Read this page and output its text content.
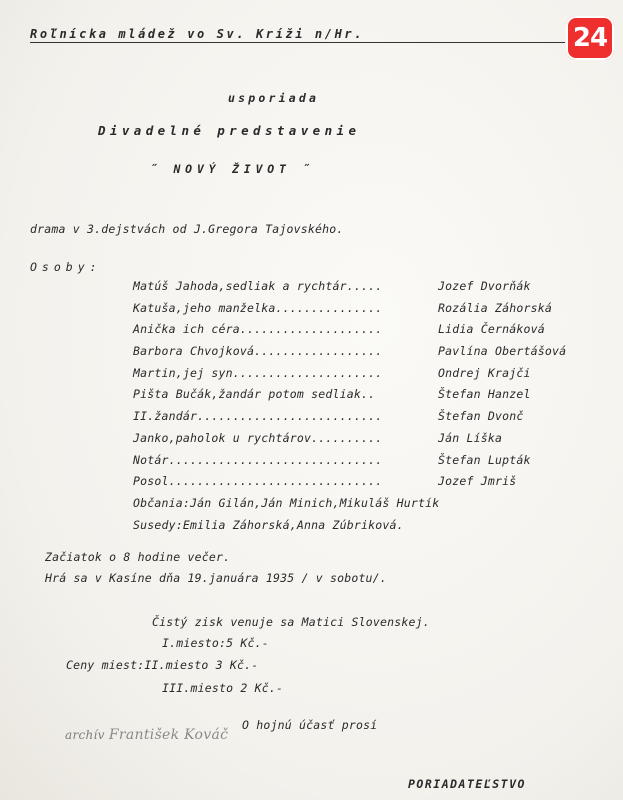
Roľnícka mládež vo Sv. Kríži n/Hr.	24
usporiada
Divadelné predstavenie
˝ NOVÝ ŽIVOT ˝
drama v 3.dejstvách od J.Gregora Tajovského.
Osoby:
Matúš Jahoda,sedliak a rychtár.....	Jozef Dvorňák
Katuša,jeho manželka...............	Rozália Záhorská
Anička ich céra....................	Lidia Černáková
Barbora Chvojková..................	Pavlína Obertášová
Martin,jej syn.....................	Ondrej Krajči
Pišta Bučák,žandár potom sedliak..	Štefan Hanzel
II.žandár..........................	Štefan Dvonč
Janko,paholok u rychtárov..........	Ján Líška
Notár..............................	Štefan Lupták
Posol..............................	Jozef Jmriš
Občania:Ján Gilán,Ján Minich,Mikuláš Hurtík
Susedy:Emilia Záhorská,Anna Zúbriková.
Začiatok o 8 hodine večer.
Hrá sa v Kasíne dňa 19.januára 1935 / v sobotu/.
Čistý zisk venuje sa Matici Slovenskej.
I.miesto:5 Kč.-
Ceny miest:II.miesto 3 Kč.-
III.miesto 2 Kč.-
O hojnú účasť prosí
archív František Kováč
PORIADATEĽSTVO
